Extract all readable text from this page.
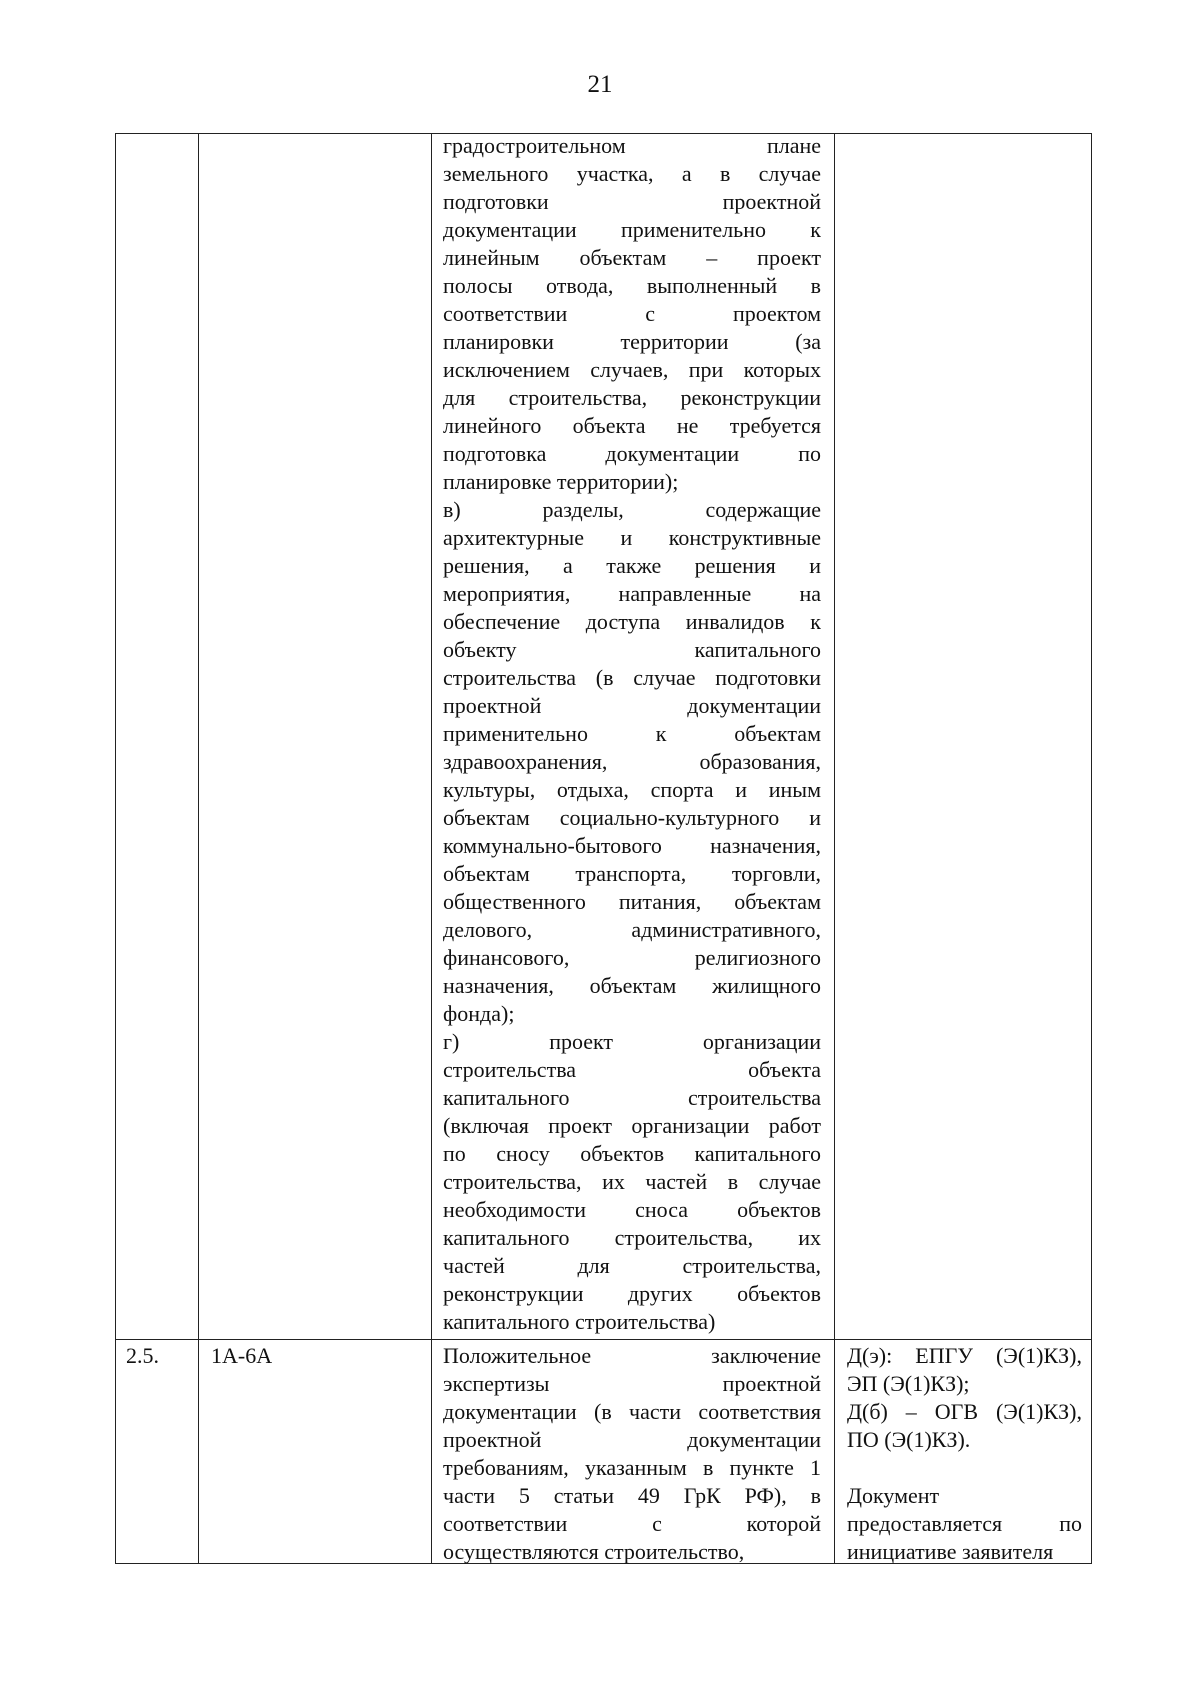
21
градостроительном плане
земельного участка, а в случае
подготовки проектной
документации применительно к
линейным объектам – проект
полосы отвода, выполненный в
соответствии с проектом
планировки территории (за
исключением случаев, при которых
для строительства, реконструкции
линейного объекта не требуется
подготовка документации по
планировке территории);
в) разделы, содержащие
архитектурные и конструктивные
решения, а также решения и
мероприятия, направленные на
обеспечение доступа инвалидов к
объекту капитального
строительства (в случае подготовки
проектной документации
применительно к объектам
здравоохранения, образования,
культуры, отдыха, спорта и иным
объектам социально-культурного и
коммунально-бытового назначения,
объектам транспорта, торговли,
общественного питания, объектам
делового, административного,
финансового, религиозного
назначения, объектам жилищного
фонда);
г) проект организации
строительства объекта
капитального строительства
(включая проект организации работ
по сносу объектов капитального
строительства, их частей в случае
необходимости сноса объектов
капитального строительства, их
частей для строительства,
реконструкции других объектов
капитального строительства)
2.5.	1А-6А	Положительное заключение
экспертизы проектной
документации (в части соответствия
проектной документации
требованиям, указанным в пункте 1
части 5 статьи 49 ГрК РФ), в
соответствии с которой
осуществляются строительство,
Д(э): ЕПГУ (Э(1)КЗ),
ЭП (Э(1)КЗ);
Д(б) – ОГВ (Э(1)КЗ),
ПО (Э(1)КЗ).
Документ
предоставляется по
инициативе заявителя
